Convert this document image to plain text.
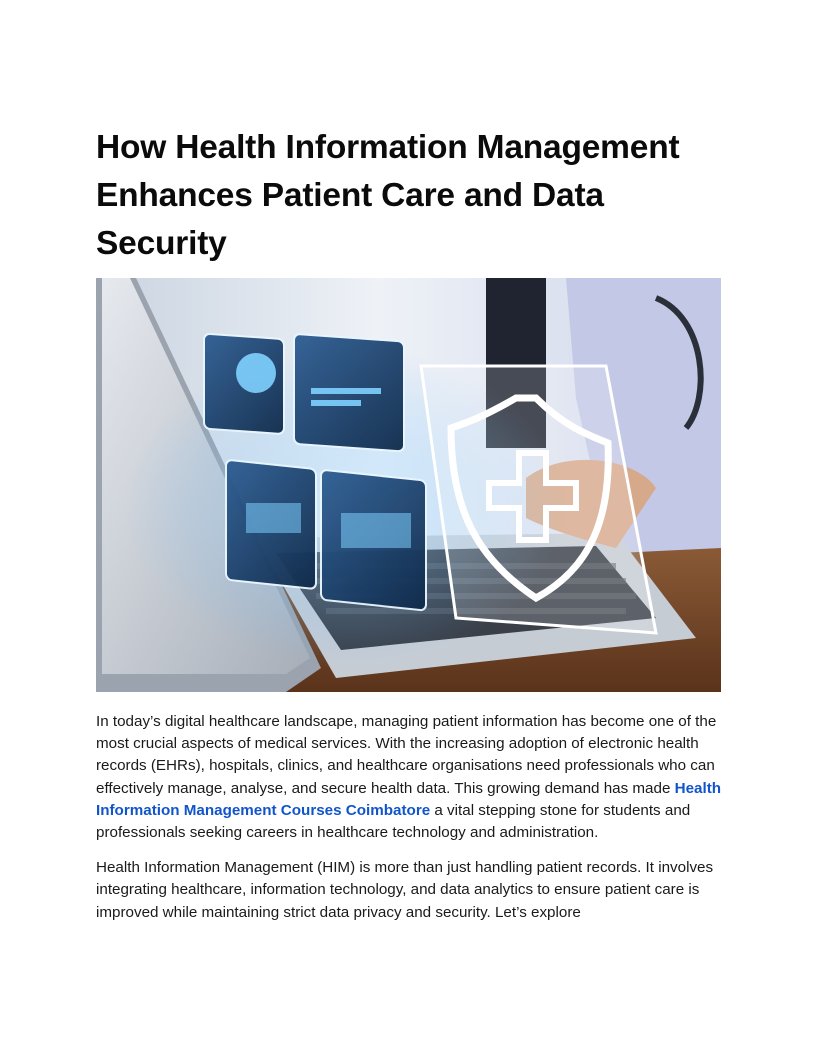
How Health Information Management Enhances Patient Care and Data Security

In today’s digital healthcare landscape, managing patient information has become one of the most crucial aspects of medical services. With the increasing adoption of electronic health records (EHRs), hospitals, clinics, and healthcare organisations need professionals who can effectively manage, analyse, and secure health data. This growing demand has made Health Information Management Courses Coimbatore a vital stepping stone for students and professionals seeking careers in healthcare technology and administration.

Health Information Management (HIM) is more than just handling patient records. It involves integrating healthcare, information technology, and data analytics to ensure patient care is improved while maintaining strict data privacy and security. Let’s explore
